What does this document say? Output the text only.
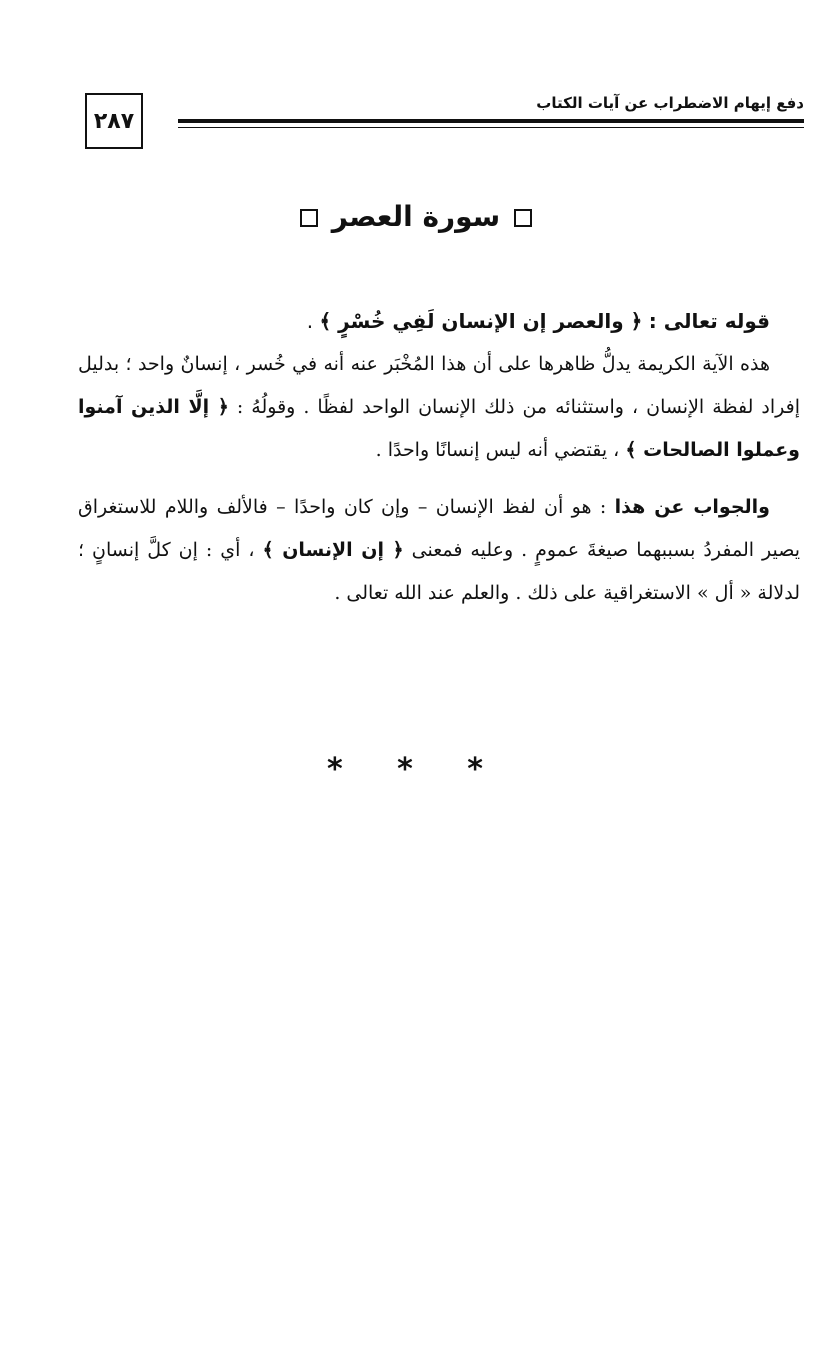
٢٨٧
دفع إيهام الاضطراب عن آيات الكتاب
سورة العصر

قوله تعالى : ﴿ والعصر إن الإنسان لَفِي خُسْرٍ ﴾ .

هذه الآية الكريمة يدلُّ ظاهرها على أن هذا المُخْبَر عنه أنه في خُسر ، إنسانٌ واحد ؛ بدليل إفراد لفظة الإنسان ، واستثنائه من ذلك الإنسان الواحد لفظًا . وقولُهُ : ﴿ إلَّا الذين آمنوا وعملوا الصالحات ﴾ ، يقتضي أنه ليس إنسانًا واحدًا .

والجواب عن هذا : هو أن لفظ الإنسان – وإن كان واحدًا – فالألف واللام للاستغراق يصير المفردُ بسببهما صيغةَ عمومٍ . وعليه فمعنى ﴿ إن الإنسان ﴾ ، أي : إن كلَّ إنسانٍ ؛ لدلالة « أل » الاستغراقية على ذلك . والعلم عند الله تعالى .

* * *
